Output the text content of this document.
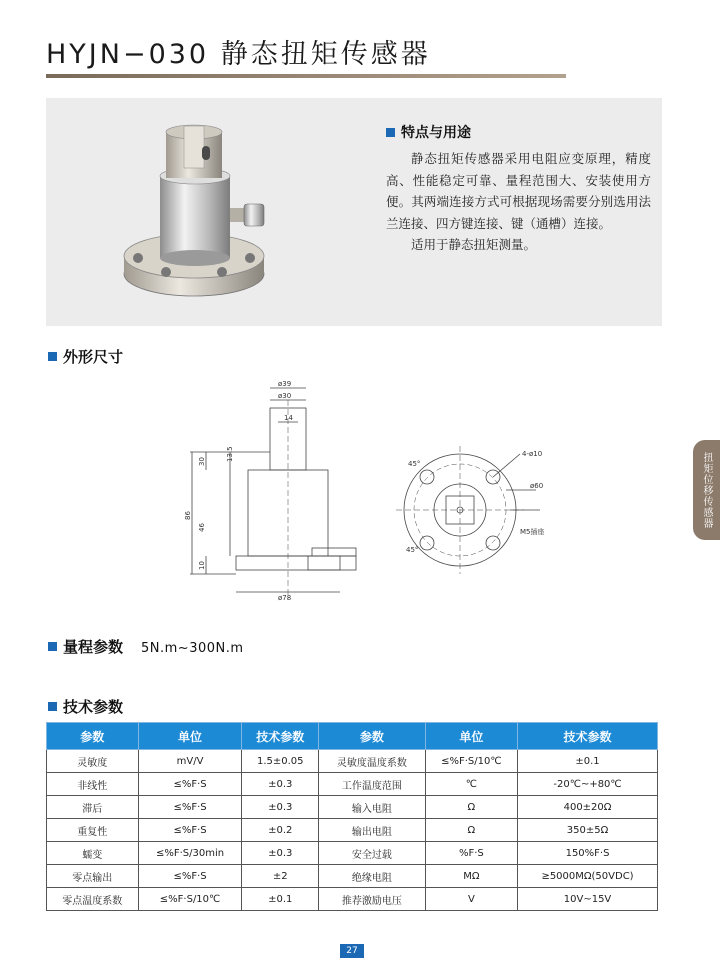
HYJN−030 静态扭矩传感器
特点与用途

静态扭矩传感器采用电阻应变原理，精度高、性能稳定可靠、量程范围大、安装使用方便。其两端连接方式可根据现场需要分别选用法兰连接、四方键连接、键（通槽）连接。

适用于静态扭矩测量。

外形尺寸
ø39
ø30
14
13.5
30
86
46
10
ø78
4-ø10
ø60
45°
45°
M5插座
扭矩位移传感器
量程参数 5N.m~300N.m
技术参数
参数	单位	技术参数	参数	单位	技术参数
灵敏度	mV/V	1.5±0.05	灵敏度温度系数	≤%F·S/10℃	±0.1
非线性	≤%F·S	±0.3	工作温度范围	℃	-20℃~+80℃
滞后	≤%F·S	±0.3	输入电阻	Ω	400±20Ω
重复性	≤%F·S	±0.2	输出电阻	Ω	350±5Ω
蠕变	≤%F·S/30min	±0.3	安全过载	%F·S	150%F·S
零点输出	≤%F·S	±2	绝缘电阻	MΩ	≥5000MΩ(50VDC)
零点温度系数	≤%F·S/10℃	±0.1	推荐激励电压	V	10V~15V
27
